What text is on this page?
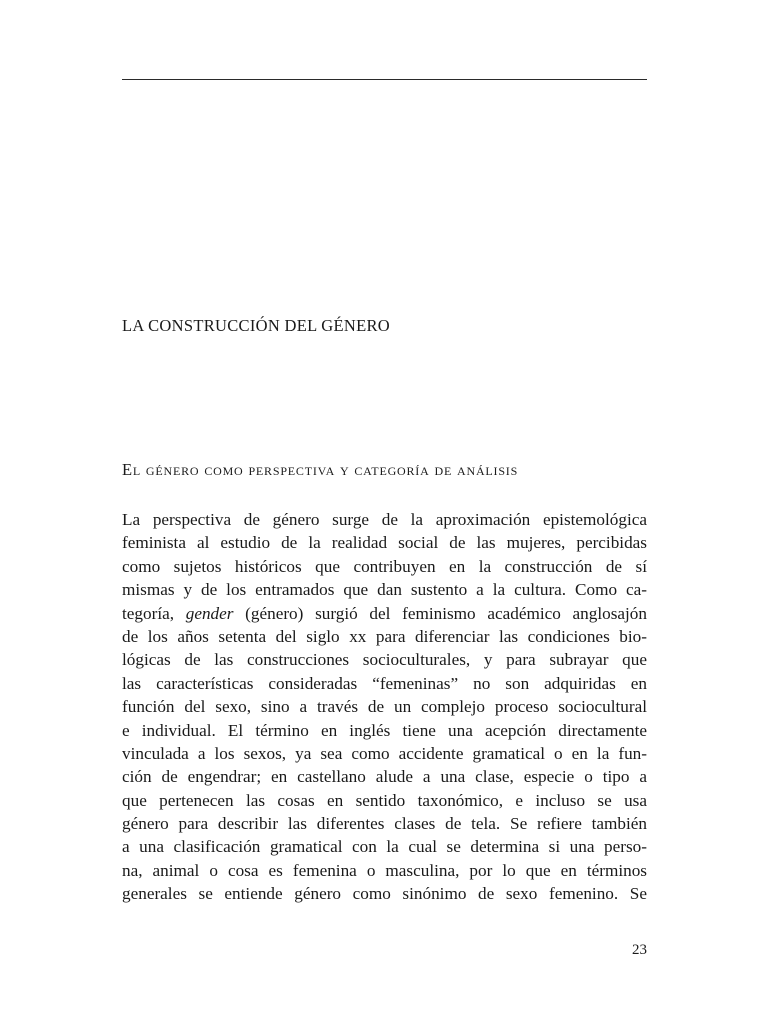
LA CONSTRUCCIÓN DEL GÉNERO
El género como perspectiva y categoría de análisis
La perspectiva de género surge de la aproximación epistemológica
feminista al estudio de la realidad social de las mujeres, percibidas
como sujetos históricos que contribuyen en la construcción de sí
mismas y de los entramados que dan sustento a la cultura. Como ca-
tegoría, gender (género) surgió del feminismo académico anglosajón
de los años setenta del siglo xx para diferenciar las condiciones bio-
lógicas de las construcciones socioculturales, y para subrayar que
las características consideradas “femeninas” no son adquiridas en
función del sexo, sino a través de un complejo proceso sociocultural
e individual. El término en inglés tiene una acepción directamente
vinculada a los sexos, ya sea como accidente gramatical o en la fun-
ción de engendrar; en castellano alude a una clase, especie o tipo a
que pertenecen las cosas en sentido taxonómico, e incluso se usa
género para describir las diferentes clases de tela. Se refiere también
a una clasificación gramatical con la cual se determina si una perso-
na, animal o cosa es femenina o masculina, por lo que en términos
generales se entiende género como sinónimo de sexo femenino. Se

23
